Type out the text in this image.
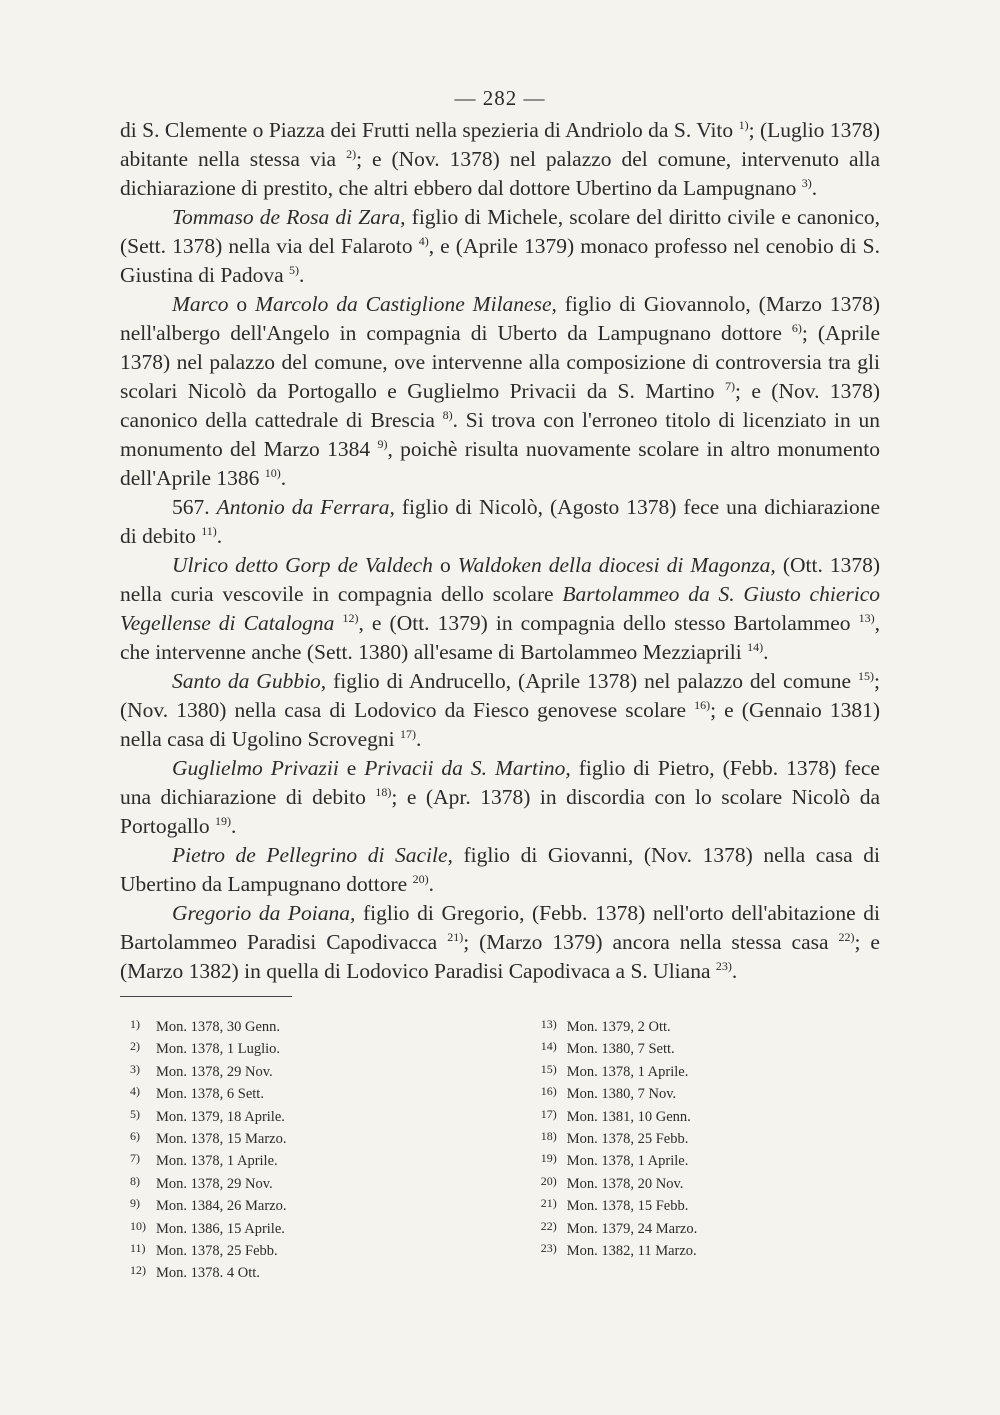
— 282 —

di S. Clemente o Piazza dei Frutti nella spezieria di Andriolo da S. Vito $^{1)}$; (Luglio 1378) abitante nella stessa via $^{2)}$; e (Nov. 1378) nel palazzo del comune, intervenuto alla dichiarazione di prestito, che altri ebbero dal dottore Ubertino da Lampugnano $^{3)}$.

Tommaso de Rosa di Zara, figlio di Michele, scolare del diritto civile e canonico, (Sett. 1378) nella via del Falaroto $^{4)}$, e (Aprile 1379) monaco professo nel cenobio di S. Giustina di Padova $^{5)}$.

Marco o Marcolo da Castiglione Milanese, figlio di Giovannolo, (Marzo 1378) nell'albergo dell'Angelo in compagnia di Uberto da Lampugnano dottore $^{6)}$; (Aprile 1378) nel palazzo del comune, ove intervenne alla composizione di controversia tra gli scolari Nicolò da Portogallo e Guglielmo Privacii da S. Martino $^{7)}$; e (Nov. 1378) canonico della cattedrale di Brescia $^{8)}$. Si trova con l'erroneo titolo di licenziato in un monumento del Marzo 1384 $^{9)}$, poichè risulta nuovamente scolare in altro monumento dell'Aprile 1386 $^{10)}$.

567. Antonio da Ferrara, figlio di Nicolò, (Agosto 1378) fece una dichiarazione di debito $^{11)}$.

Ulrico detto Gorp de Valdech o Waldoken della diocesi di Magonza, (Ott. 1378) nella curia vescovile in compagnia dello scolare Bartolammeo da S. Giusto chierico Vegellense di Catalogna $^{12)}$, e (Ott. 1379) in compagnia dello stesso Bartolammeo $^{13)}$, che intervenne anche (Sett. 1380) all'esame di Bartolammeo Mezziaprili $^{14)}$.

Santo da Gubbio, figlio di Andrucello, (Aprile 1378) nel palazzo del comune $^{15)}$; (Nov. 1380) nella casa di Lodovico da Fiesco genovese scolare $^{16)}$; e (Gennaio 1381) nella casa di Ugolino Scrovegni $^{17)}$.

Guglielmo Privazii e Privacii da S. Martino, figlio di Pietro, (Febb. 1378) fece una dichiarazione di debito $^{18)}$; e (Apr. 1378) in discordia con lo scolare Nicolò da Portogallo $^{19)}$.

Pietro de Pellegrino di Sacile, figlio di Giovanni, (Nov. 1378) nella casa di Ubertino da Lampugnano dottore $^{20)}$.

Gregorio da Poiana, figlio di Gregorio, (Febb. 1378) nell'orto dell'abitazione di Bartolammeo Paradisi Capodivacca $^{21)}$; (Marzo 1379) ancora nella stessa casa $^{22)}$; e (Marzo 1382) in quella di Lodovico Paradisi Capodivaca a S. Uliana $^{23)}$.

1) Mon. 1378, 30 Genn.
2) Mon. 1378, 1 Luglio.
3) Mon. 1378, 29 Nov.
4) Mon. 1378, 6 Sett.
5) Mon. 1379, 18 Aprile.
6) Mon. 1378, 15 Marzo.
7) Mon. 1378, 1 Aprile.
8) Mon. 1378, 29 Nov.
9) Mon. 1384, 26 Marzo.
10) Mon. 1386, 15 Aprile.
11) Mon. 1378, 25 Febb.
12) Mon. 1378. 4 Ott.
13) Mon. 1379, 2 Ott.
14) Mon. 1380, 7 Sett.
15) Mon. 1378, 1 Aprile.
16) Mon. 1380, 7 Nov.
17) Mon. 1381, 10 Genn.
18) Mon. 1378, 25 Febb.
19) Mon. 1378, 1 Aprile.
20) Mon. 1378, 20 Nov.
21) Mon. 1378, 15 Febb.
22) Mon. 1379, 24 Marzo.
23) Mon. 1382, 11 Marzo.
